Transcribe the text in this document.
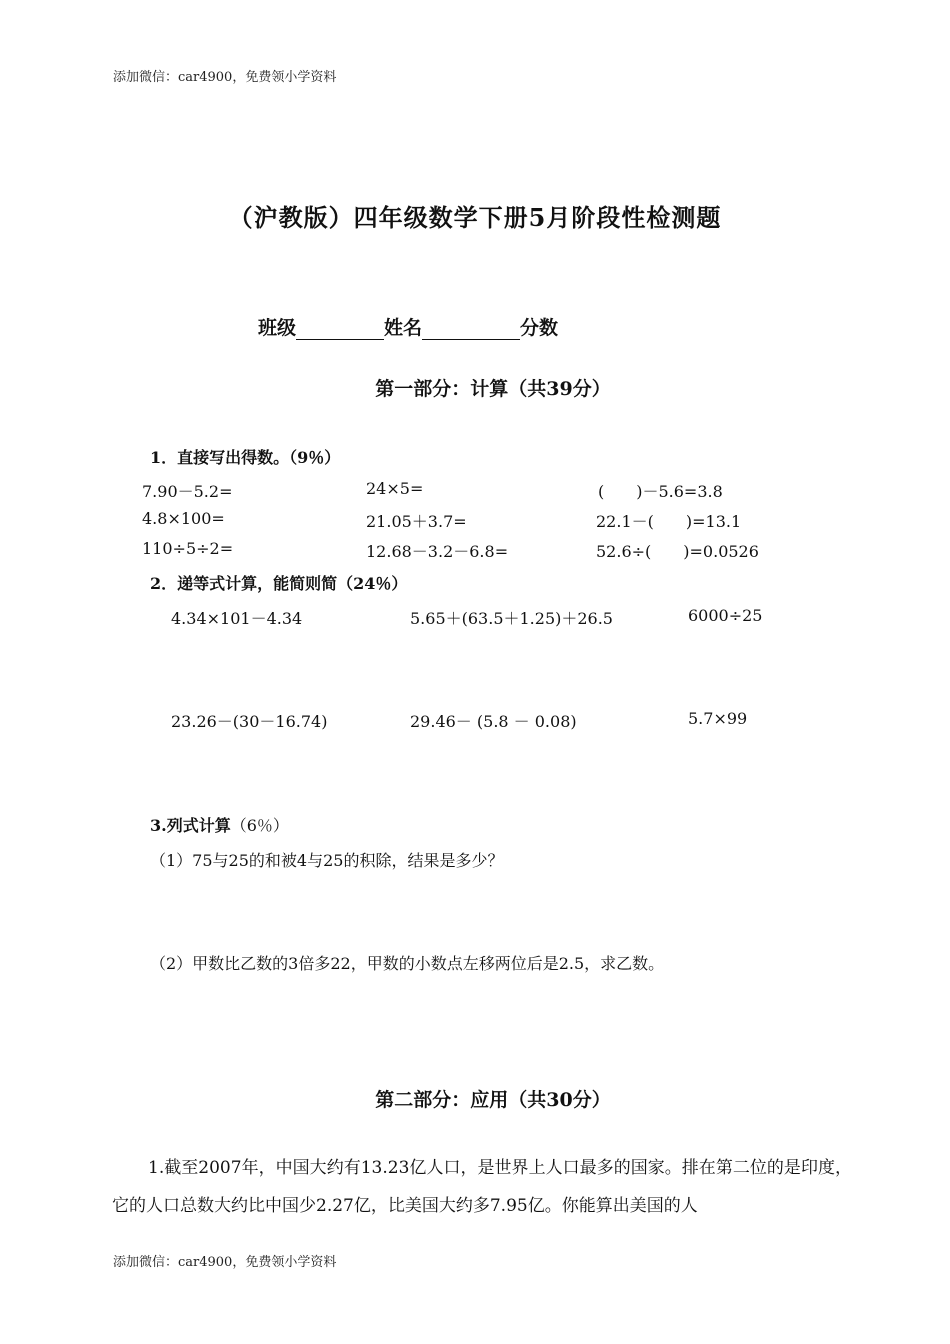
添加微信：car4900，免费领小学资料
（沪教版）四年级数学下册5月阶段性检测题
班级	姓名	分数
第一部分：计算（共39分）
1．直接写出得数。（9％）
7.90－5.2=	24×5=	(　　)－5.6=3.8
4.8×100=	21.05＋3.7=	22.1－(　　)=13.1
110÷5÷2=	12.68－3.2－6.8=	52.6÷(　　)=0.0526
2．递等式计算，能简则简（24％）
4.34×101－4.34	5.65＋(63.5＋1.25)＋26.5	6000÷25
23.26－(30－16.74)	29.46－ (5.8 － 0.08)	5.7×99
3.列式计算（6％）
（1）75与25的和被4与25的积除，结果是多少？
（2）甲数比乙数的3倍多22，甲数的小数点左移两位后是2.5，求乙数。
第二部分：应用（共30分）
1.截至2007年，中国大约有13.23亿人口，是世界上人口最多的国家。排在第二位的是印度，它的人口总数大约比中国少2.27亿，比美国大约多7.95亿。你能算出美国的人
添加微信：car4900，免费领小学资料
